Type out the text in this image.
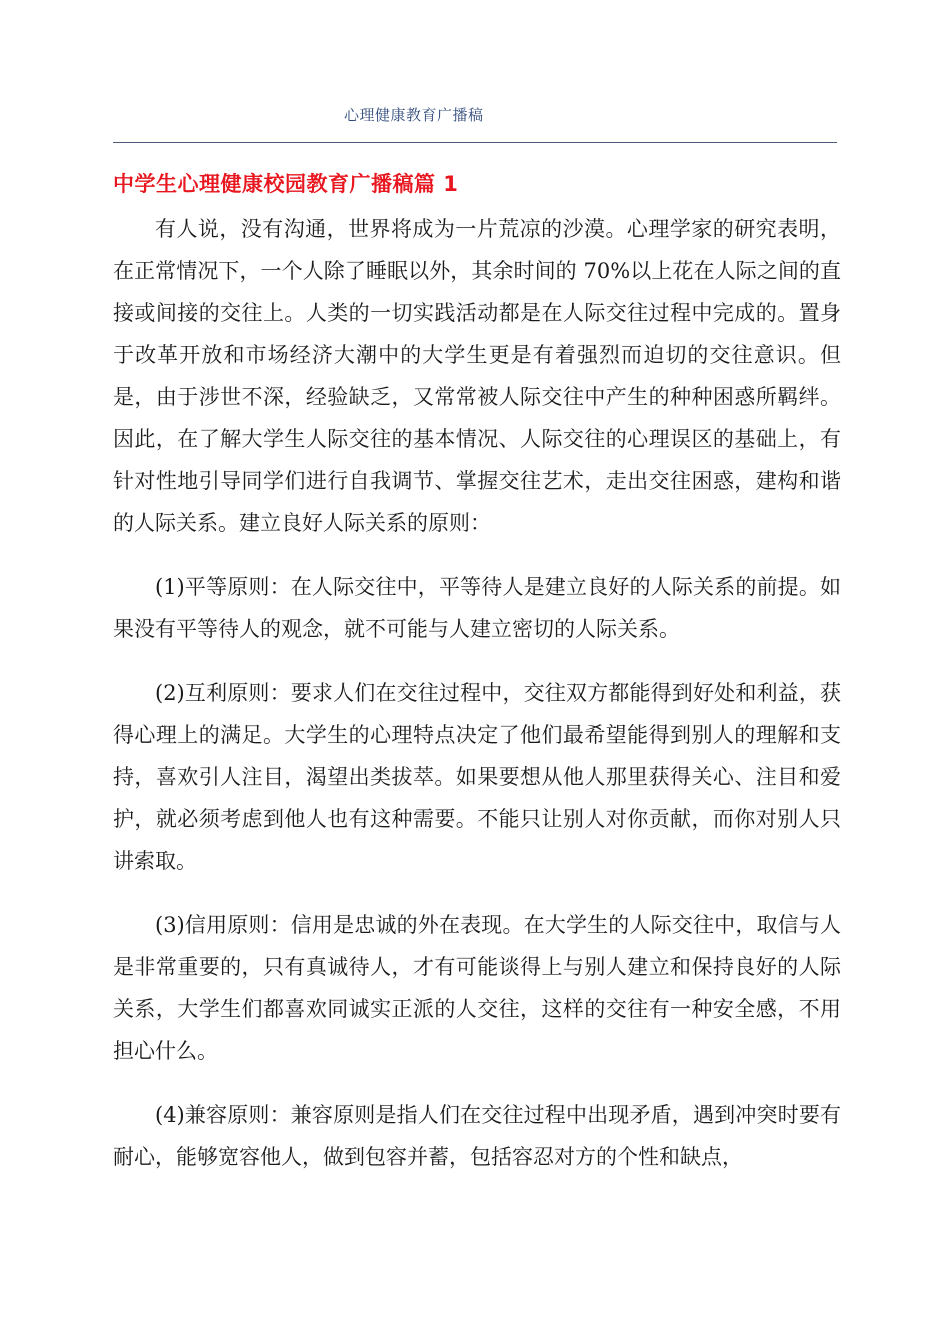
心理健康教育广播稿
中学生心理健康校园教育广播稿篇 1

有人说，没有沟通，世界将成为一片荒凉的沙漠。心理学家的研究表明，在正常情况下，一个人除了睡眠以外，其余时间的 70%以上花在人际之间的直接或间接的交往上。人类的一切实践活动都是在人际交往过程中完成的。置身于改革开放和市场经济大潮中的大学生更是有着强烈而迫切的交往意识。但是，由于涉世不深，经验缺乏，又常常被人际交往中产生的种种困惑所羁绊。因此，在了解大学生人际交往的基本情况、人际交往的心理误区的基础上，有针对性地引导同学们进行自我调节、掌握交往艺术，走出交往困惑，建构和谐的人际关系。建立良好人际关系的原则：

(1)平等原则：在人际交往中，平等待人是建立良好的人际关系的前提。如果没有平等待人的观念，就不可能与人建立密切的人际关系。

(2)互利原则：要求人们在交往过程中，交往双方都能得到好处和利益，获得心理上的满足。大学生的心理特点决定了他们最希望能得到别人的理解和支持，喜欢引人注目，渴望出类拔萃。如果要想从他人那里获得关心、注目和爱护，就必须考虑到他人也有这种需要。不能只让别人对你贡献，而你对别人只讲索取。

(3)信用原则：信用是忠诚的外在表现。在大学生的人际交往中，取信与人是非常重要的，只有真诚待人，才有可能谈得上与别人建立和保持良好的人际关系，大学生们都喜欢同诚实正派的人交往，这样的交往有一种安全感，不用担心什么。

(4)兼容原则：兼容原则是指人们在交往过程中出现矛盾，遇到冲突时要有耐心，能够宽容他人，做到包容并蓄，包括容忍对方的个性和缺点，
